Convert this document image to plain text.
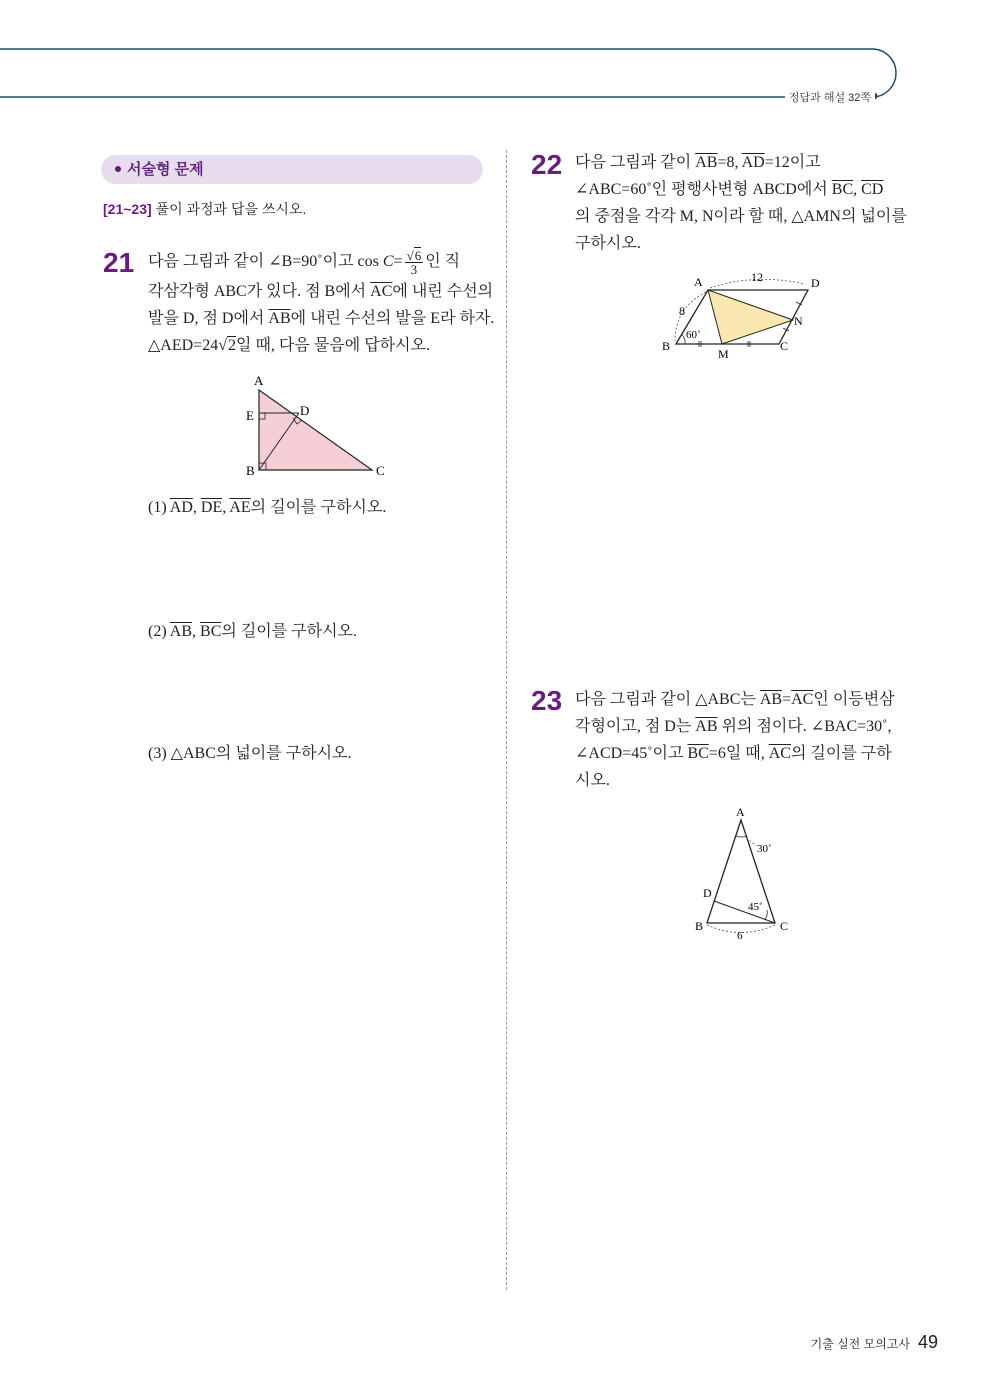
정답과 해설 32쪽
서술형 문제
[21~23] 풀이 과정과 답을 쓰시오.
21 다음 그림과 같이 ∠B=90˚이고 $\cos C= \frac{√6}{3}$ 인 직
각삼각형 ABC가 있다. 점 B에서 $\overline{AC}$에 내린 수선의
발을 D, 점 D에서 $\overline{AB}$에 내린 수선의 발을 E라 하자.
△AED=24√2일 때, 다음 물음에 답하시오.
A
E	D
B	C
(1) $\overline{AD}$, $\overline{DE}$, $\overline{AE}$의 길이를 구하시오.
(2) $\overline{AB}$, $\overline{BC}$의 길이를 구하시오.
(3) △ABC의 넓이를 구하시오.
22 다음 그림과 같이 $\overline{AB}=8$, $\overline{AD}=12$이고
∠ABC=60˚인 평행사변형 ABCD에서 $\overline{BC}$, $\overline{CD}$
의 중점을 각각 M, N이라 할 때, △AMN의 넓이를
구하시오.
A	D
B	C
M
N
8
12
60˚
23 다음 그림과 같이 △ABC는 $\overline{AB}=\overline{AC}$인 이등변삼
각형이고, 점 D는 $\overline{AB}$ 위의 점이다. ∠BAC=30˚,
∠ACD=45˚이고 $\overline{BC}=6$일 때, $\overline{AC}$의 길이를 구하
시오.
A
D
B	C
30˚
45˚
6
기출 실전 모의고사 49
